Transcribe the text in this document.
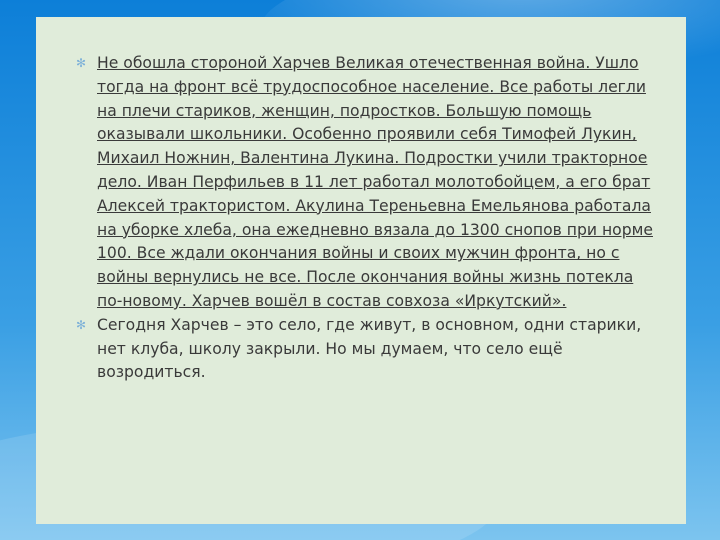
✻ Не обошла стороной Харчев Великая отечественная война. Ушло тогда на фронт всё трудоспособное население. Все работы легли на плечи стариков, женщин, подростков. Большую помощь оказывали школьники. Особенно проявили себя Тимофей Лукин, Михаил Ножнин, Валентина Лукина. Подростки учили тракторное дело. Иван Перфильев в 11 лет работал молотобойцем, а его брат Алексей трактористом. Акулина Тереньевна Емельянова работала на уборке хлеба, она ежедневно вязала до 1300 снопов при норме 100. Все ждали окончания войны и своих мужчин фронта, но с войны вернулись не все. После окончания войны жизнь потекла по-новому. Харчев вошёл в состав совхоза «Иркутский».
✻ Сегодня Харчев – это село, где живут, в основном, одни старики, нет клуба, школу закрыли. Но мы думаем, что село ещё возродиться.
